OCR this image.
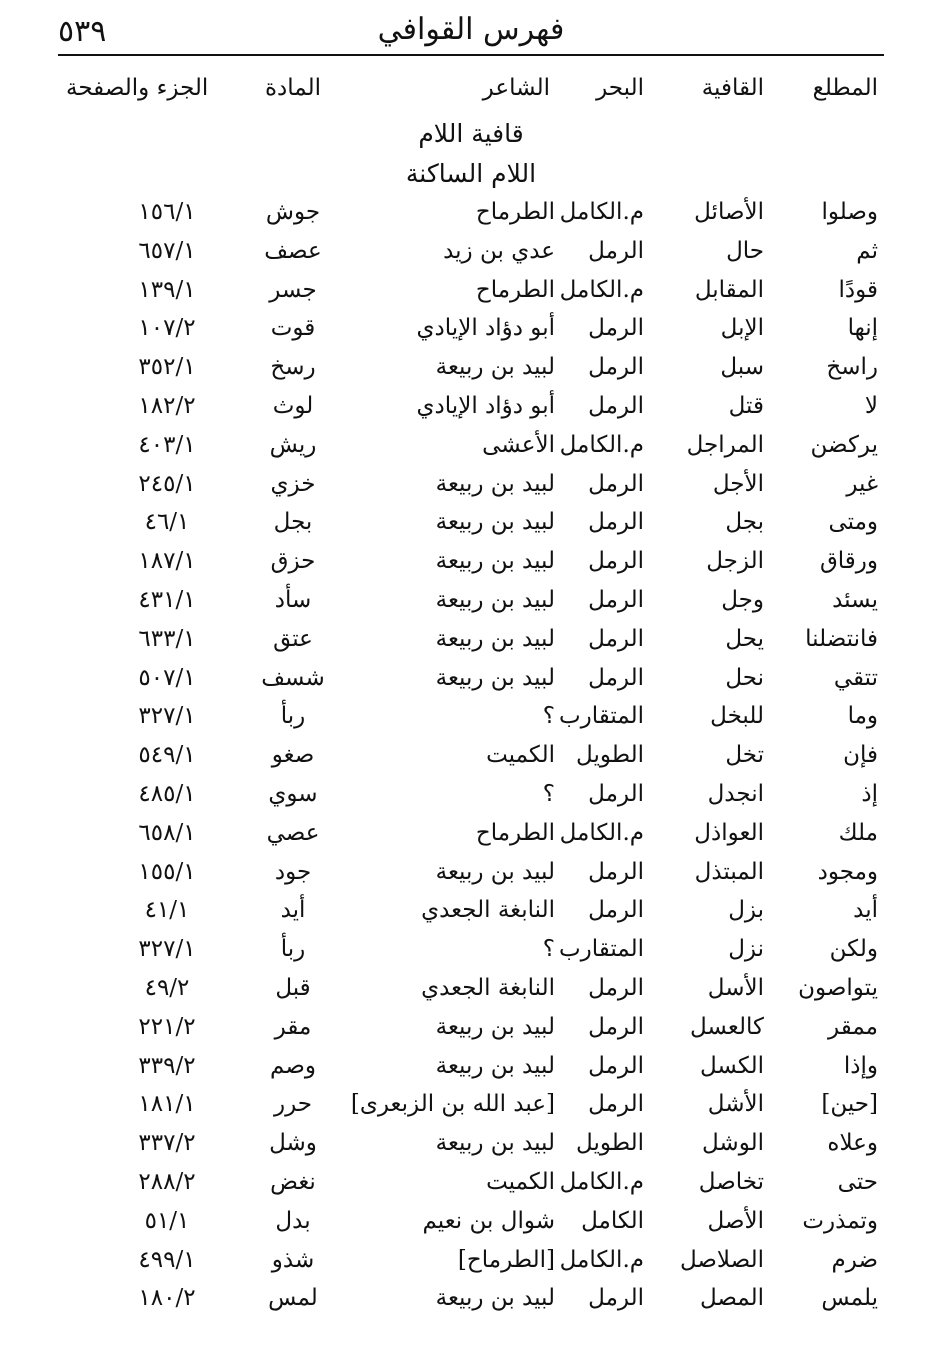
٥٣٩	فهرس القوافي
المطلع
القافية
البحر
الشاعر
المادة
الجزء والصفحة
قافية اللام
اللام الساكنة
وصلوا
الأصائل
م.الكامل
الطرماح
جوش
١٥٦/١
ثم
حال
الرمل
عدي بن زيد
عصف
٦٥٧/١
قودًا
المقابل
م.الكامل
الطرماح
جسر
١٣٩/١
إنها
الإبل
الرمل
أبو دؤاد الإيادي
قوت
١٠٧/٢
راسخ
سبل
الرمل
لبيد بن ربيعة
رسخ
٣٥٢/١
لا
قتل
الرمل
أبو دؤاد الإيادي
لوث
١٨٢/٢
يركضن
المراجل
م.الكامل
الأعشى
ريش
٤٠٣/١
غير
الأجل
الرمل
لبيد بن ربيعة
خزي
٢٤٥/١
ومتى
بجل
الرمل
لبيد بن ربيعة
بجل
٤٦/١
ورقاق
الزجل
الرمل
لبيد بن ربيعة
حزق
١٨٧/١
يسئد
وجل
الرمل
لبيد بن ربيعة
سأد
٤٣١/١
فانتضلنا
يحل
الرمل
لبيد بن ربيعة
عتق
٦٣٣/١
تتقي
نحل
الرمل
لبيد بن ربيعة
شسف
٥٠٧/١
وما
للبخل
المتقارب
؟
ربأ
٣٢٧/١
فإن
تخل
الطويل
الكميت
صغو
٥٤٩/١
إذ
انجدل
الرمل
؟
سوي
٤٨٥/١
ملك
العواذل
م.الكامل
الطرماح
عصي
٦٥٨/١
ومجود
المبتذل
الرمل
لبيد بن ربيعة
جود
١٥٥/١
أيد
بزل
الرمل
النابغة الجعدي
أيد
٤١/١
ولكن
نزل
المتقارب
؟
ربأ
٣٢٧/١
يتواصون
الأسل
الرمل
النابغة الجعدي
قبل
٤٩/٢
ممقر
كالعسل
الرمل
لبيد بن ربيعة
مقر
٢٢١/٢
وإذا
الكسل
الرمل
لبيد بن ربيعة
وصم
٣٣٩/٢
[حين]
الأشل
الرمل
[عبد الله بن الزبعرى]
حرر
١٨١/١
وعلاه
الوشل
الطويل
لبيد بن ربيعة
وشل
٣٣٧/٢
حتى
تخاصل
م.الكامل
الكميت
نغض
٢٨٨/٢
وتمذرت
الأصل
الكامل
شوال بن نعيم
بدل
٥١/١
ضرم
الصلاصل
م.الكامل
[الطرماح]
شذو
٤٩٩/١
يلمس
المصل
الرمل
لبيد بن ربيعة
لمس
١٨٠/٢
